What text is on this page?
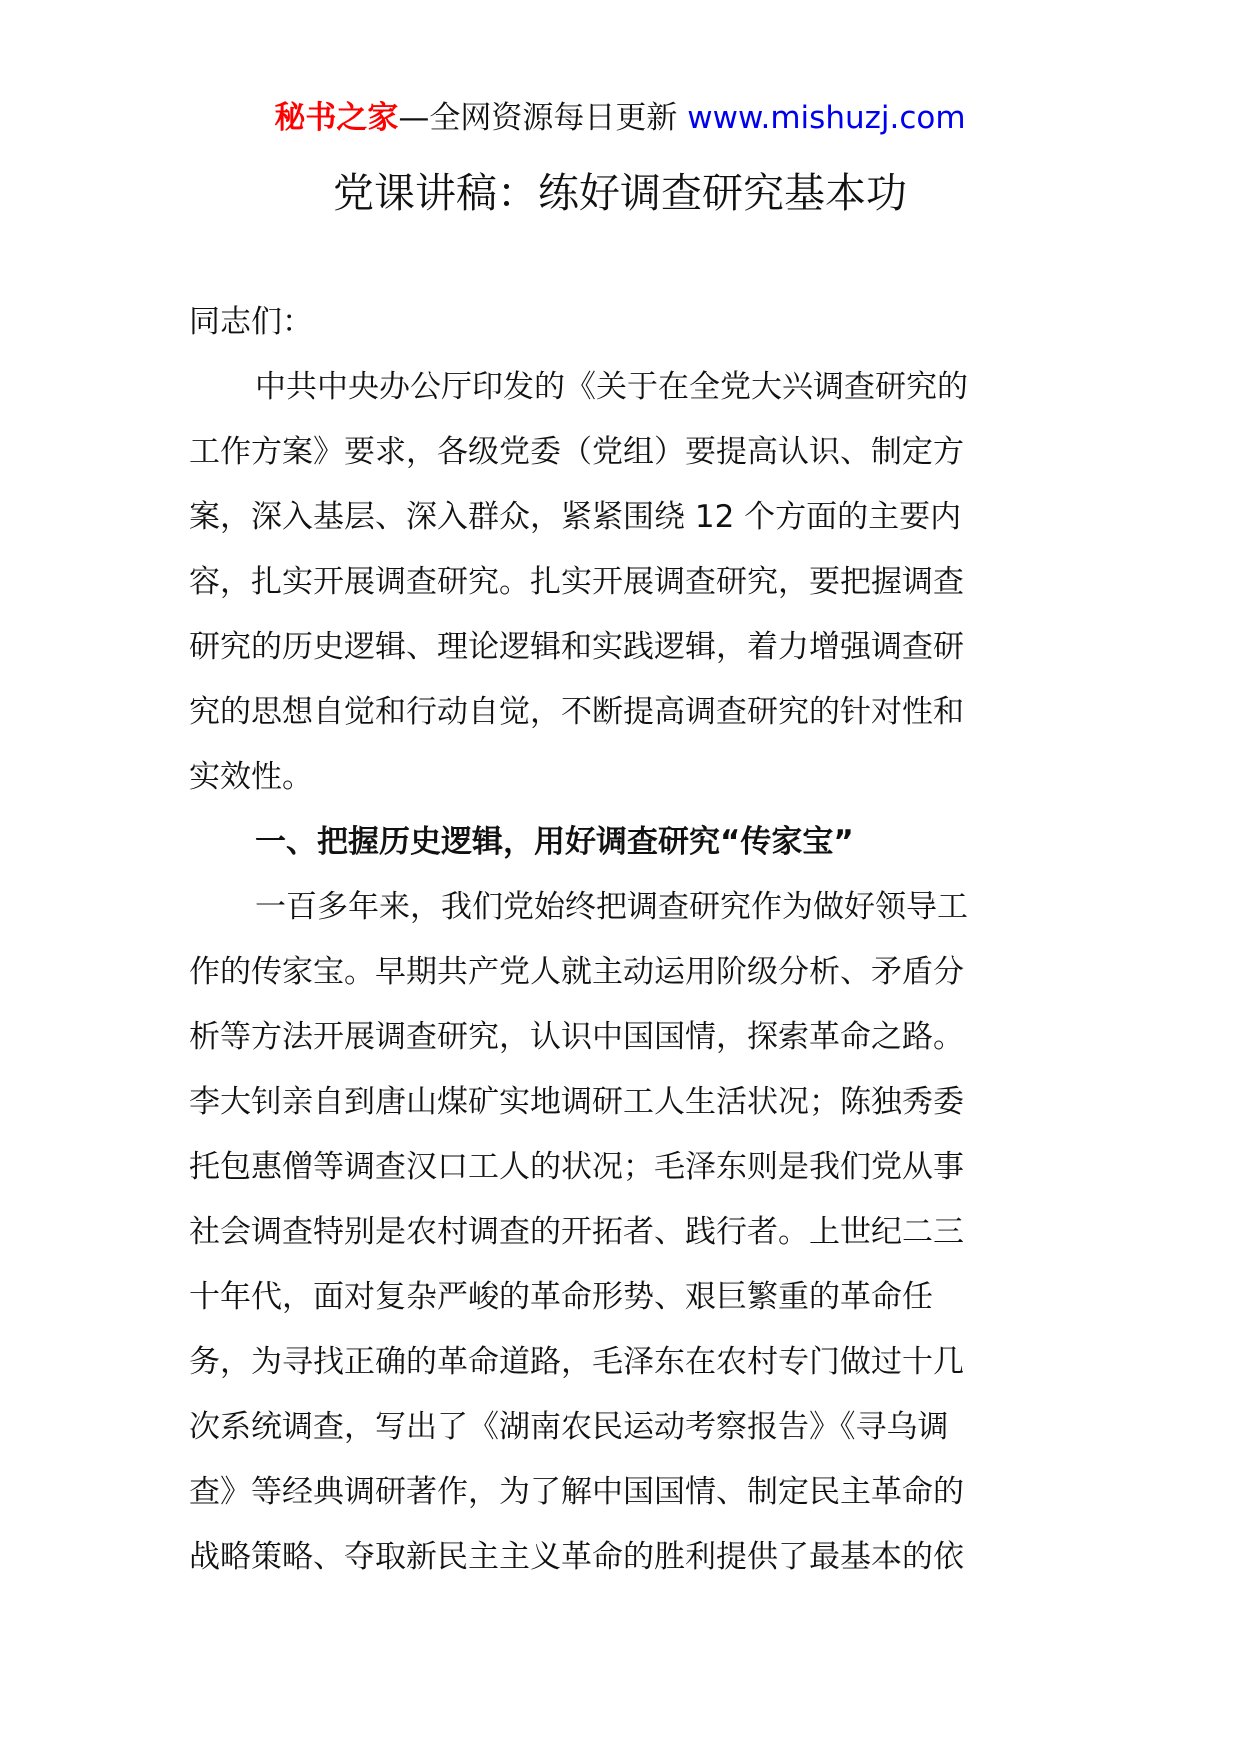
秘书之家—全网资源每日更新 www.mishuzj.com
党课讲稿：练好调查研究基本功
同志们：
中共中央办公厅印发的《关于在全党大兴调查研究的
工作方案》要求，各级党委（党组）要提高认识、制定方
案，深入基层、深入群众，紧紧围绕 12 个方面的主要内
容，扎实开展调查研究。扎实开展调查研究，要把握调查
研究的历史逻辑、理论逻辑和实践逻辑，着力增强调查研
究的思想自觉和行动自觉，不断提高调查研究的针对性和
实效性。
一、把握历史逻辑，用好调查研究“传家宝”
一百多年来，我们党始终把调查研究作为做好领导工
作的传家宝。早期共产党人就主动运用阶级分析、矛盾分
析等方法开展调查研究，认识中国国情，探索革命之路。
李大钊亲自到唐山煤矿实地调研工人生活状况；陈独秀委
托包惠僧等调查汉口工人的状况；毛泽东则是我们党从事
社会调查特别是农村调查的开拓者、践行者。上世纪二三
十年代，面对复杂严峻的革命形势、艰巨繁重的革命任
务，为寻找正确的革命道路，毛泽东在农村专门做过十几
次系统调查，写出了《湖南农民运动考察报告》《寻乌调
查》等经典调研著作，为了解中国国情、制定民主革命的
战略策略、夺取新民主主义革命的胜利提供了最基本的依
